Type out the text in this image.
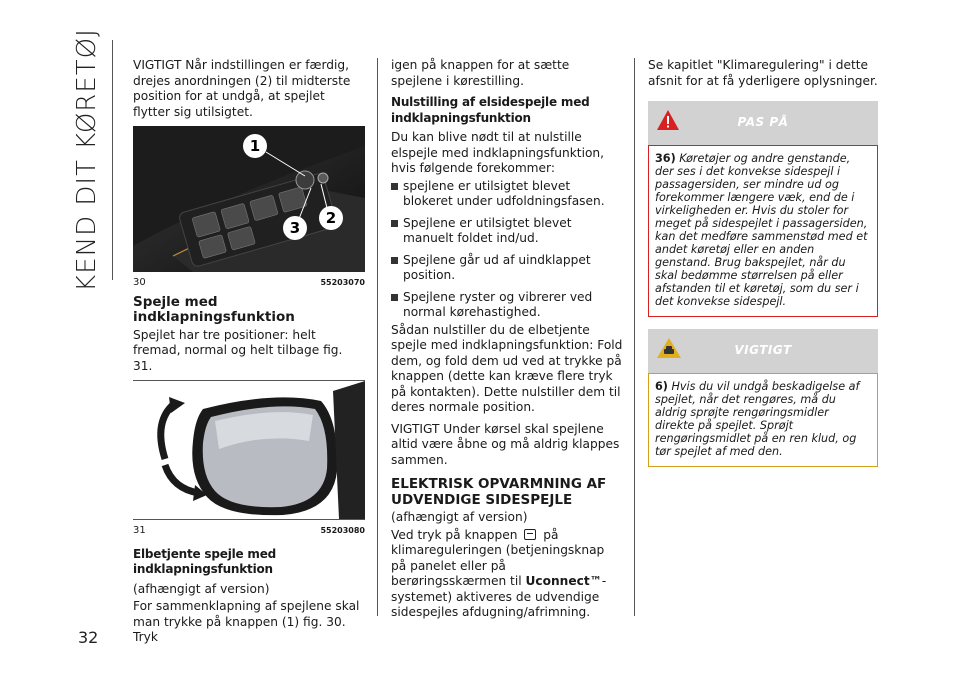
KEND DIT KØRETØJ
32

VIGTIGT Når indstillingen er færdig, drejes anordningen (2) til midterste position for at undgå, at spejlet flytter sig utilsigtet.

1
2
3
30	55203070
Spejle med indklapningsfunktion

Spejlet har tre positioner: helt fremad, normal og helt tilbage fig. 31.

31	55203080
Elbetjente spejle med indklapningsfunktion

(afhængigt af version)

For sammenklapning af spejlene skal man trykke på knappen (1) fig. 30. Tryk

igen på knappen for at sætte spejlene i kørestilling.

Nulstilling af elsidespejle med indklapningsfunktion

Du kan blive nødt til at nulstille elspejle med indklapningsfunktion, hvis følgende forekommer:

spejlene er utilsigtet blevet blokeret under udfoldningsfasen.

Spejlene er utilsigtet blevet manuelt foldet ind/ud.

Spejlene går ud af uindklappet position.

Spejlene ryster og vibrerer ved normal kørehastighed.

Sådan nulstiller du de elbetjente spejle med indklapningsfunktion: Fold dem, og fold dem ud ved at trykke på knappen (dette kan kræve flere tryk på kontakten). Dette nulstiller dem til deres normale position.

VIGTIGT Under kørsel skal spejlene altid være åbne og må aldrig klappes sammen.

ELEKTRISK OPVARMNING AF UDVENDIGE SIDESPEJLE

(afhængigt af version)

Ved tryk på knappen på klimareguleringen (betjeningsknap på panelet eller på berøringsskærmen til Uconnect™-systemet) aktiveres de udvendige sidespejles afdugning/afrimning.

Se kapitlet "Klimaregulering" i dette afsnit for at få yderligere oplysninger.

PAS PÅ
36) Køretøjer og andre genstande, der ses i det konvekse sidespejl i passagersiden, ser mindre ud og forekommer længere væk, end de i virkeligheden er. Hvis du stoler for meget på sidespejlet i passagersiden, kan det medføre sammenstød med et andet køretøj eller en anden genstand. Brug bakspejlet, når du skal bedømme størrelsen på eller afstanden til et køretøj, som du ser i det konvekse sidespejl.
VIGTIGT
6) Hvis du vil undgå beskadigelse af spejlet, når det rengøres, må du aldrig sprøjte rengøringsmidler direkte på spejlet. Sprøjt rengøringsmidlet på en ren klud, og tør spejlet af med den.
